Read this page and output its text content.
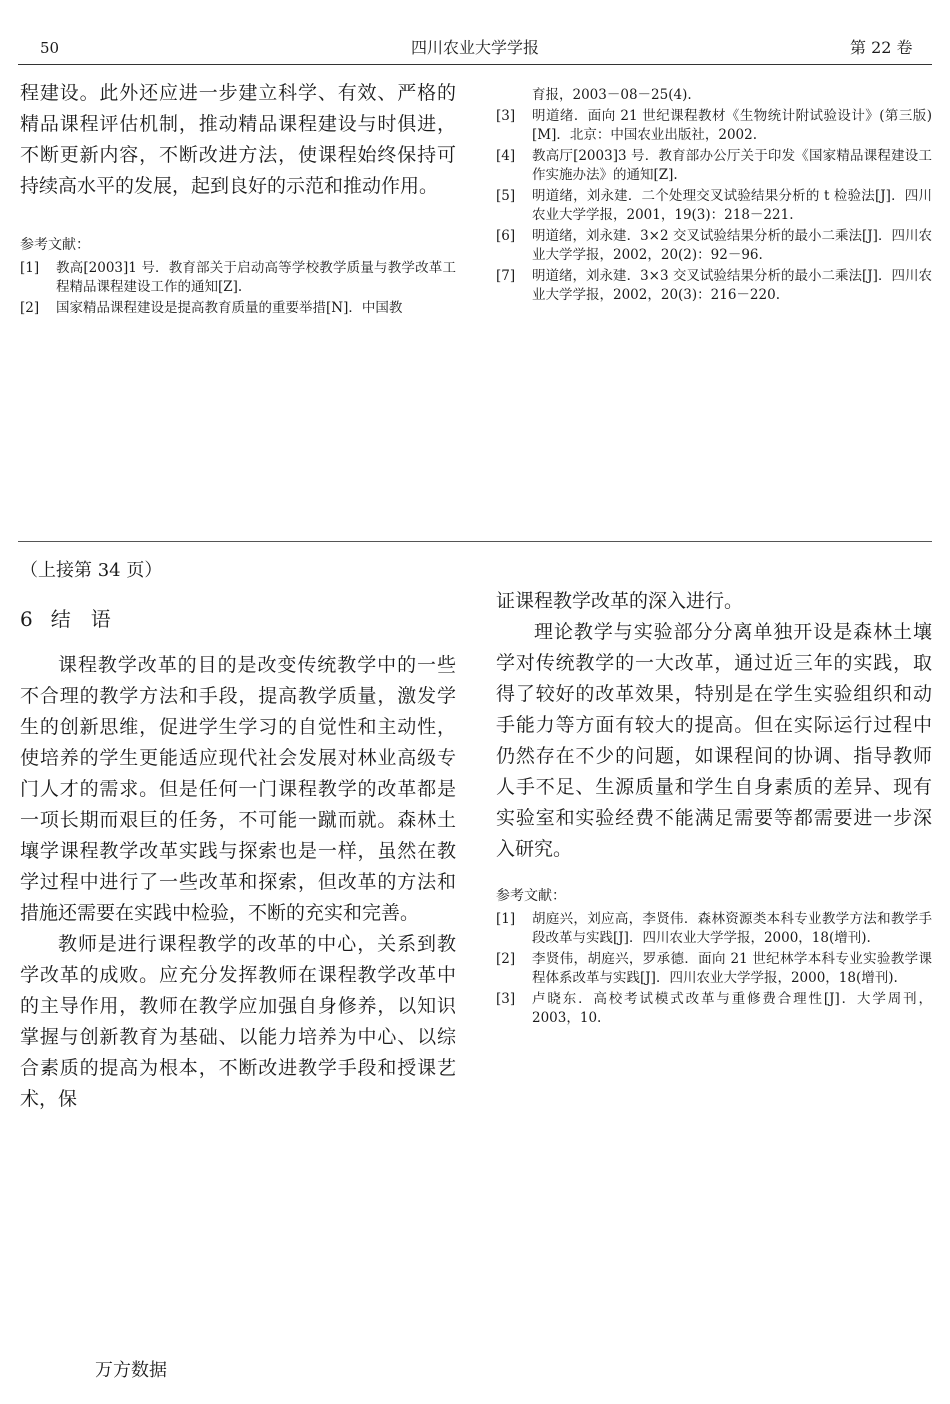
50	四川农业大学学报	第 22 卷

程建设。此外还应进一步建立科学、有效、严格的精品课程评估机制，推动精品课程建设与时俱进，不断更新内容，不断改进方法，使课程始终保持可持续高水平的发展，起到良好的示范和推动作用。

参考文献：
[1]	教高[2003]1 号．教育部关于启动高等学校教学质量与教学改革工程精品课程建设工作的通知[Z].
[2]	国家精品课程建设是提高教育质量的重要举措[N]．中国教
育报，2003－08－25(4).
[3]	明道绪．面向 21 世纪课程教材《生物统计附试验设计》(第三版)[M]．北京：中国农业出版社，2002.
[4]	教高厅[2003]3 号．教育部办公厅关于印发《国家精品课程建设工作实施办法》的通知[Z].
[5]	明道绪，刘永建．二个处理交叉试验结果分析的 t 检验法[J]．四川农业大学学报，2001，19(3)：218－221.
[6]	明道绪，刘永建．3×2 交叉试验结果分析的最小二乘法[J]．四川农业大学学报，2002，20(2)：92－96.
[7]	明道绪，刘永建．3×3 交叉试验结果分析的最小二乘法[J]．四川农业大学学报，2002，20(3)：216－220.
（上接第 34 页）
6 结 语

课程教学改革的目的是改变传统教学中的一些不合理的教学方法和手段，提高教学质量，激发学生的创新思维，促进学生学习的自觉性和主动性，使培养的学生更能适应现代社会发展对林业高级专门人才的需求。但是任何一门课程教学的改革都是一项长期而艰巨的任务，不可能一蹴而就。森林土壤学课程教学改革实践与探索也是一样，虽然在教学过程中进行了一些改革和探索，但改革的方法和措施还需要在实践中检验，不断的充实和完善。

教师是进行课程教学的改革的中心，关系到教学改革的成败。应充分发挥教师在课程教学改革中的主导作用，教师在教学应加强自身修养，以知识掌握与创新教育为基础、以能力培养为中心、以综合素质的提高为根本，不断改进教学手段和授课艺术，保

证课程教学改革的深入进行。

理论教学与实验部分分离单独开设是森林土壤学对传统教学的一大改革，通过近三年的实践，取得了较好的改革效果，特别是在学生实验组织和动手能力等方面有较大的提高。但在实际运行过程中仍然存在不少的问题，如课程间的协调、指导教师人手不足、生源质量和学生自身素质的差异、现有实验室和实验经费不能满足需要等都需要进一步深入研究。

参考文献：
[1]	胡庭兴，刘应高，李贤伟．森林资源类本科专业教学方法和教学手段改革与实践[J]．四川农业大学学报，2000，18(增刊).
[2]	李贤伟，胡庭兴，罗承德．面向 21 世纪林学本科专业实验教学课程体系改革与实践[J]．四川农业大学学报，2000，18(增刊).
[3]	卢晓东．高校考试模式改革与重修费合理性[J]．大学周刊，2003，10.
万方数据
